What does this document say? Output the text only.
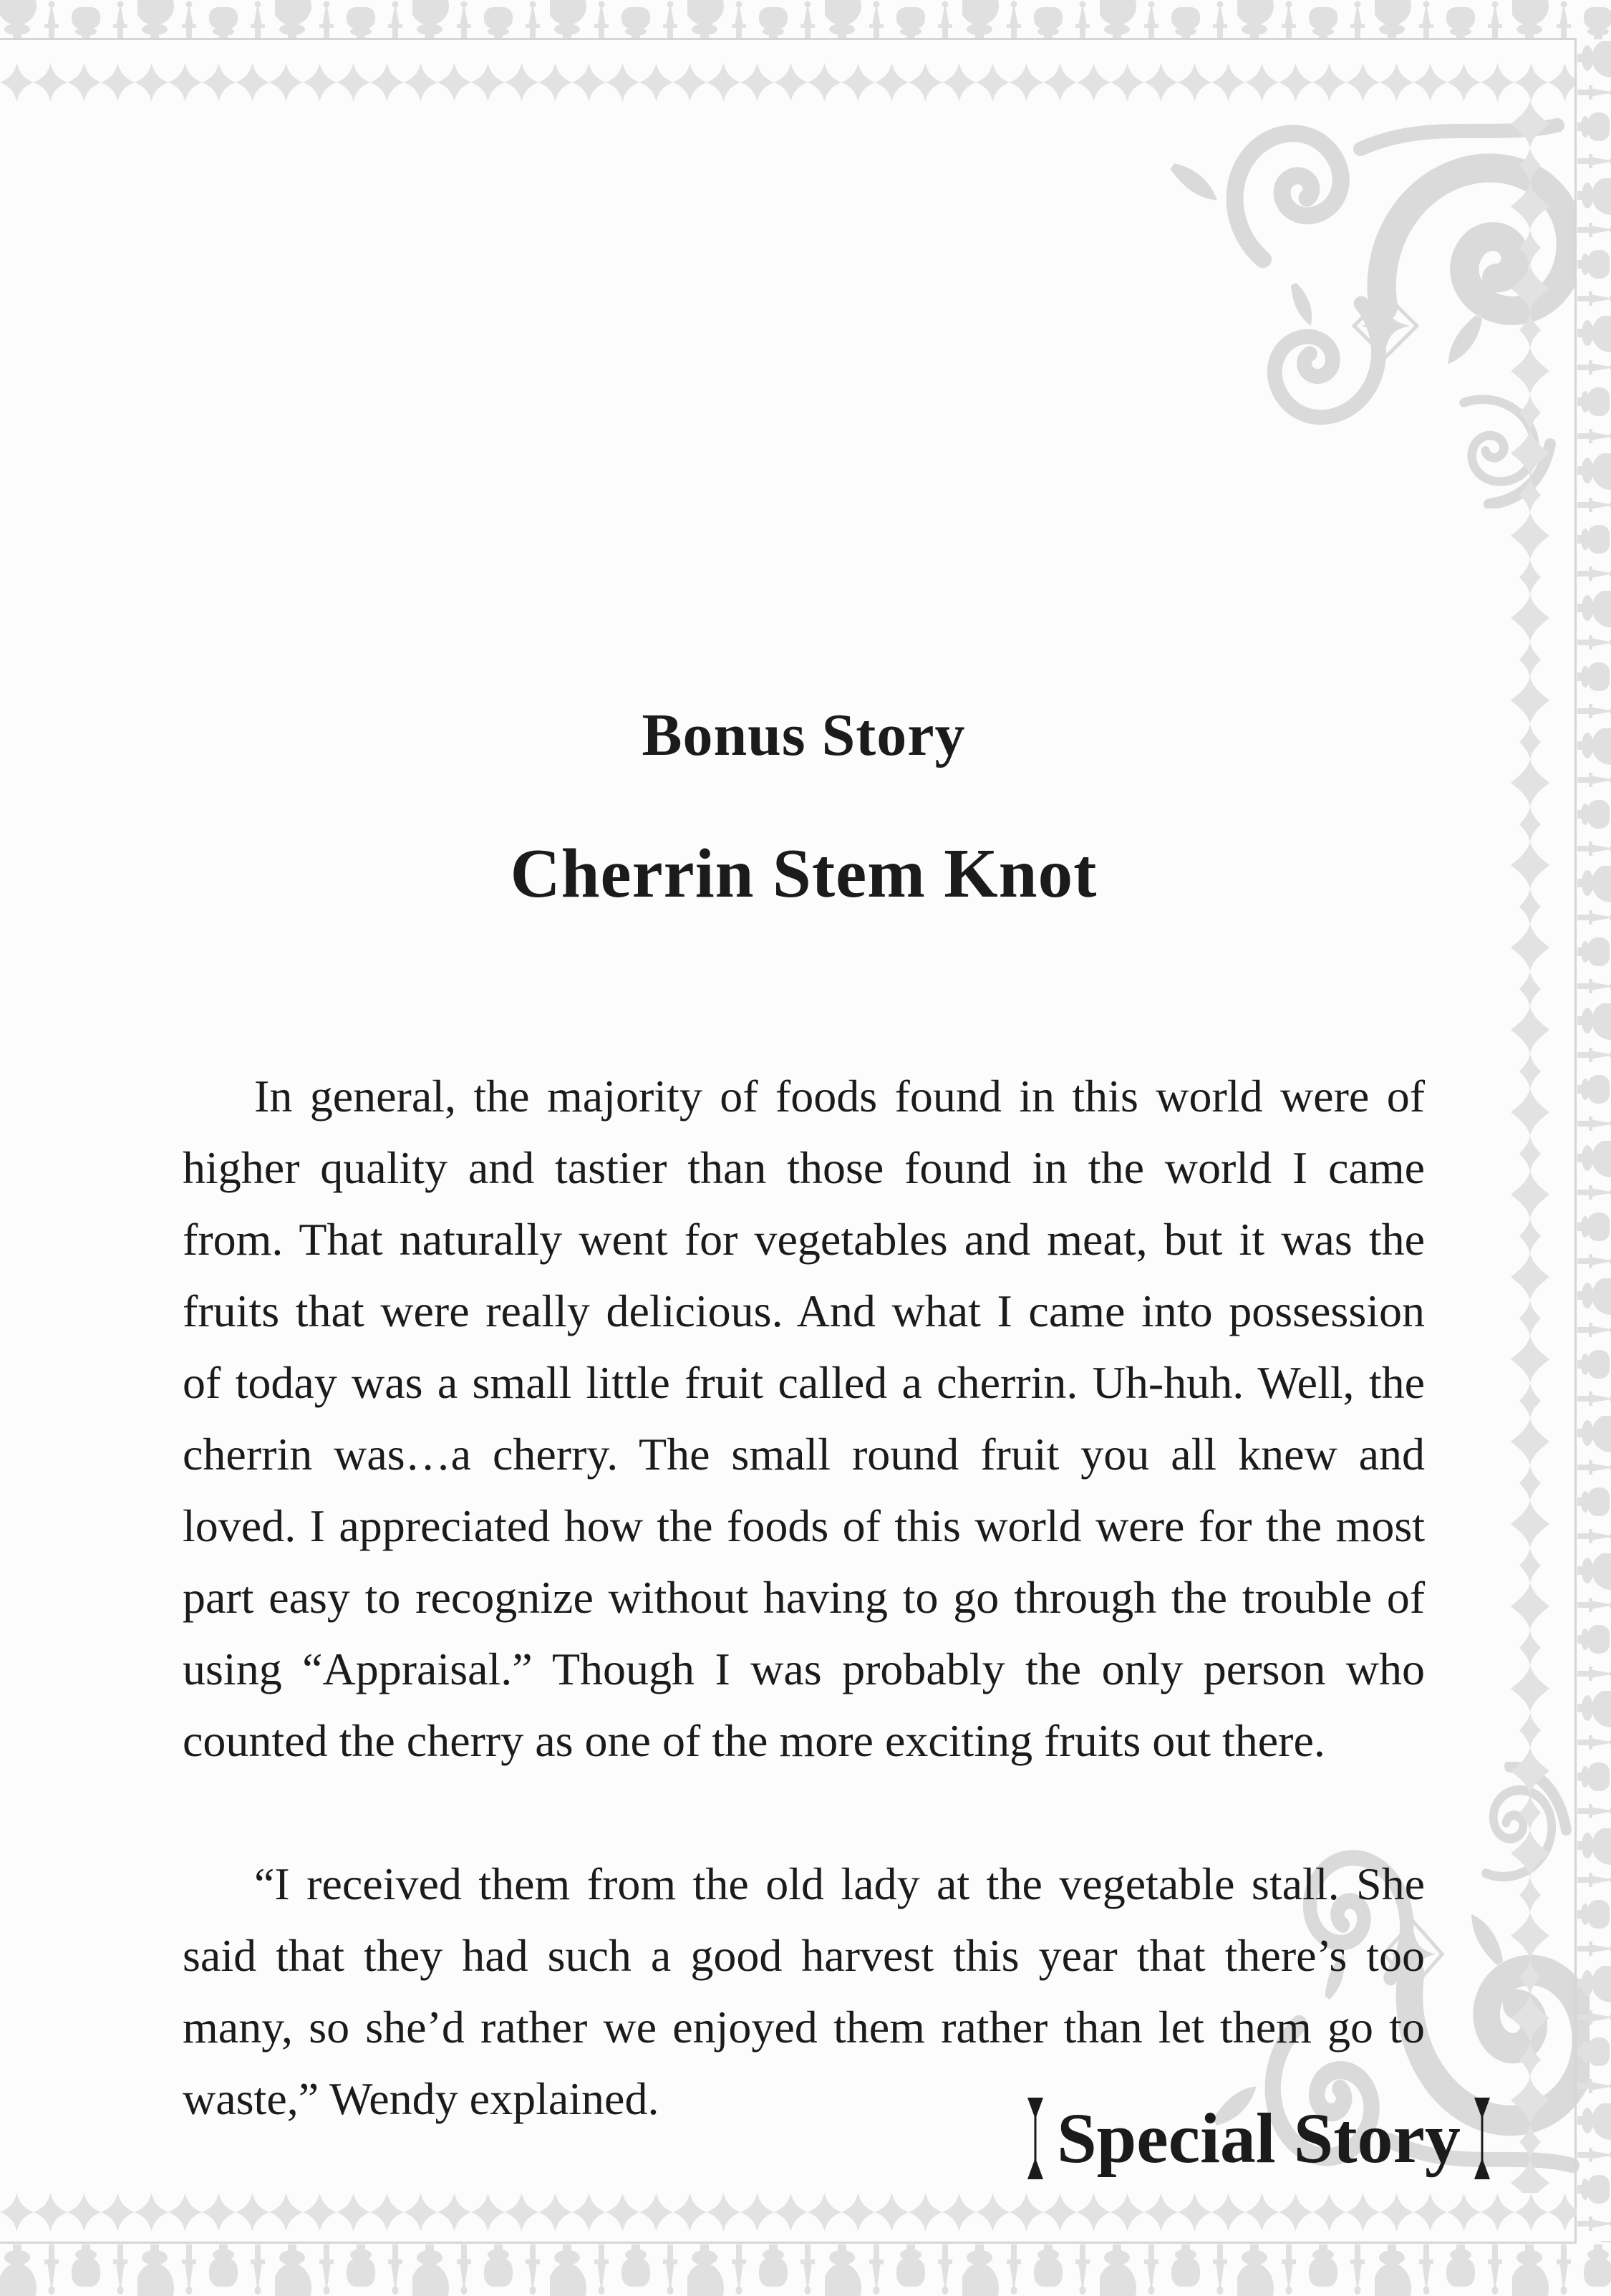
Bonus Story
Cherrin Stem Knot

In general, the majority of foods found in this world were of higher quality and tastier than those found in the world I came from. That naturally went for vegetables and meat, but it was the fruits that were really delicious. And what I came into possession of today was a small little fruit called a cherrin. Uh-huh. Well, the cherrin was…a cherry. The small round fruit you all knew and loved. I appreciated how the foods of this world were for the most part easy to recognize without having to go through the trouble of using “Appraisal.” Though I was probably the only person who counted the cherry as one of the more exciting fruits out there.

“I received them from the old lady at the vegetable stall. She said that they had such a good harvest this year that there’s too many, so she’d rather we enjoyed them rather than let them go to waste,” Wendy explained.	Special Story
